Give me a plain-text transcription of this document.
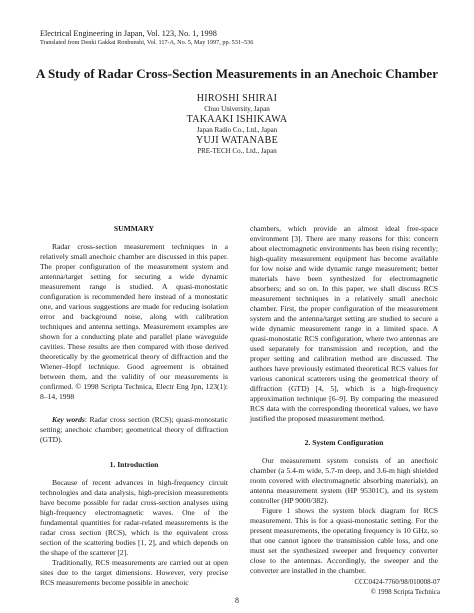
Electrical Engineering in Japan, Vol. 123, No. 1, 1998
Translated from Denki Gakkai Ronbunshi, Vol. 117-A, No. 5, May 1997, pp. 531–536
A Study of Radar Cross-Section Measurements in an Anechoic Chamber
HIROSHI SHIRAI
Chuo University, Japan
TAKAAKI ISHIKAWA
Japan Radio Co., Ltd., Japan
YUJI WATANABE
PRE-TECH Co., Ltd., Japan
SUMMARY

Radar cross-section measurement techniques in a relatively small anechoic chamber are discussed in this paper. The proper configuration of the measurement system and antenna/target setting for securing a wide dynamic measurement range is studied. A quasi-monostatic configuration is recommended here instead of a monostatic one, and various suggestions are made for reducing isolation error and background noise, along with calibration techniques and antenna settings. Measurement examples are shown for a conducting plate and parallel plane waveguide cavities. These results are then compared with those derived theoretically by the geometrical theory of diffraction and the Wiener–Hopf technique. Good agreement is obtained between them, and the validity of our measurements is confirmed. © 1998 Scripta Technica, Electr Eng Jpn, 123(1): 8–14, 1998

Key words: Radar cross section (RCS); quasi-monostatic setting; anechoic chamber; geometrical theory of diffraction (GTD).

1. Introduction

Because of recent advances in high-frequency circuit technologies and data analysis, high-precision measurements have become possible for radar cross-section analyses using high-frequency electromagnetic waves. One of the fundamental quantities for radar-related measurements is the radar cross section (RCS), which is the equivalent cross section of the scattering bodies [1, 2], and which depends on the shape of the scatterer [2].

Traditionally, RCS measurements are carried out at open sites due to the target dimensions. However, very precise RCS measurements become possible in anechoic

chambers, which provide an almost ideal free-space environment [3]. There are many reasons for this: concern about electromagnetic environments has been rising recently; high-quality measurement equipment has become available for low noise and wide dynamic range measurement; better materials have been synthesized for electromagnetic absorbers; and so on. In this paper, we shall discuss RCS measurement techniques in a relatively small anechoic chamber. First, the proper configuration of the measurement system and the antenna/target setting are studied to secure a wide dynamic measurement range in a limited space. A quasi-monostatic RCS configuration, where two antennas are used separately for transmission and reception, and the proper setting and calibration method are discussed. The authors have previously estimated theoretical RCS values for various canonical scatterers using the geometrical theory of diffraction (GTD) [4, 5], which is a high-frequency approximation technique [6–9]. By comparing the measured RCS data with the corresponding theoretical values, we have justified the proposed measurement method.

2. System Configuration

Our measurement system consists of an anechoic chamber (a 5.4-m wide, 5.7-m deep, and 3.6-m high shielded room covered with electromagnetic absorbing materials), an antenna measurement system (HP 95301C), and its system controller (HP 9000/382).

Figure 1 shows the system block diagram for RCS measurement. This is for a quasi-monostatic setting. For the present measurements, the operating frequency is 10 GHz, so that one cannot ignore the transmission cable loss, and one must set the synthesized sweeper and frequency converter close to the antennas. Accordingly, the sweeper and the converter are installed in the chamber.

CCC0424-7760/98/010008-07
© 1998 Scripta Technica
8
